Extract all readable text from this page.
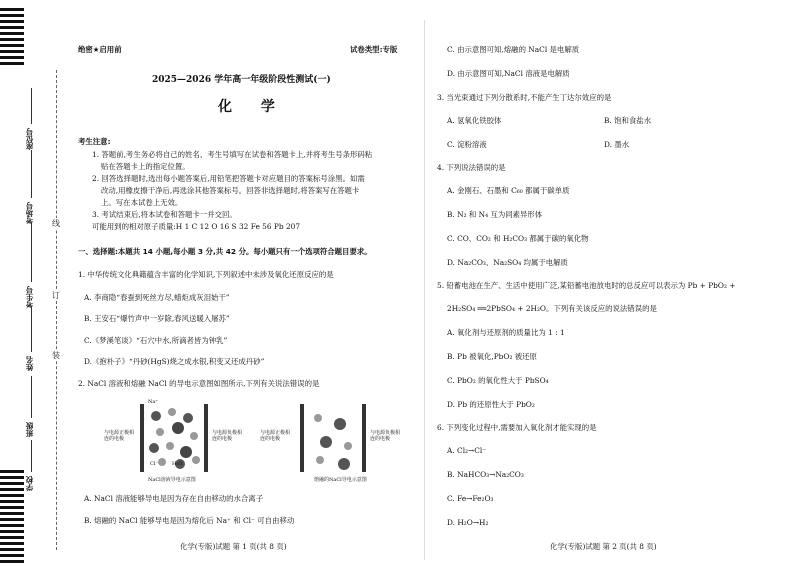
座位号
考场号
考生号
姓名
班级
学校
线
订
装
绝密★启用前	试卷类型:专版
2025—2026 学年高一年级阶段性测试(一)
化 学
考生注意:
1. 答题前,考生务必将自己的姓名、考生号填写在试卷和答题卡上,并将考生号条形码粘
贴在答题卡上的指定位置。
2. 回答选择题时,选出每小题答案后,用铅笔把答题卡对应题目的答案标号涂黑。如需
改动,用橡皮擦干净后,再选涂其他答案标号。回答非选择题时,将答案写在答题卡
上。写在本试卷上无效。
3. 考试结束后,将本试卷和答题卡一并交回。
可能用到的相对原子质量:H 1 C 12 O 16 S 32 Fe 56 Pb 207
一、选择题:本题共 14 小题,每小题 3 分,共 42 分。每小题只有一个选项符合题目要求。
1. 中华传统文化典籍蕴含丰富的化学知识,下列叙述中未涉及氧化还原反应的是
A. 李商隐“春蚕到死丝方尽,蜡炬成灰泪始干”
B. 王安石“爆竹声中一岁除,春风送暖入屠苏”
C.《梦溪笔谈》“石穴中水,所滴者皆为钟乳”
D.《抱朴子》“丹砂(HgS)烧之成水银,积变又还成丹砂”
2. NaCl 溶液和熔融 NaCl 的导电示意图如图所示,下列有关说法错误的是
与电源正极相连的电极
与电源负极相连的电极
与电源正极相连的电极
与电源负极相连的电极
Na⁺
Cl⁻	H₂O
NaCl溶液导电示意图	熔融的NaCl导电示意图
A. NaCl 溶液能够导电是因为存在自由移动的水合离子
B. 熔融的 NaCl 能够导电是因为熔化后 Na⁺ 和 Cl⁻ 可自由移动
化学(专版)试题 第 1 页(共 8 页)
C. 由示意图可知,熔融的 NaCl 是电解质
D. 由示意图可知,NaCl 溶液是电解质
3. 当光束通过下列分散系时,不能产生丁达尔效应的是
A. 氢氧化铁胶体	B. 饱和食盐水
C. 淀粉溶液	D. 墨水
4. 下列说法错误的是
A. 金刚石、石墨和 C₆₀ 都属于碳单质
B. N₂ 和 N₄ 互为同素异形体
C. CO、CO₂ 和 H₂CO₃ 都属于碳的氧化物
D. Na₂CO₃、Na₂SO₄ 均属于电解质
5. 铅蓄电池在生产、生活中使用广泛,某铅蓄电池放电时的总反应可以表示为 Pb + PbO₂ +
2H₂SO₄ ══2PbSO₄ + 2H₂O。下列有关该反应的说法错误的是
A. 氧化剂与还原剂的质量比为 1 : 1
B. Pb 被氧化,PbO₂ 被还原
C. PbO₂ 的氧化性大于 PbSO₄
D. Pb 的还原性大于 PbO₂
6. 下列变化过程中,需要加入氧化剂才能实现的是
A. Cl₂→Cl⁻
B. NaHCO₃→Na₂CO₃
C. Fe→Fe₂O₃
D. H₂O→H₂
化学(专版)试题 第 2 页(共 8 页)
